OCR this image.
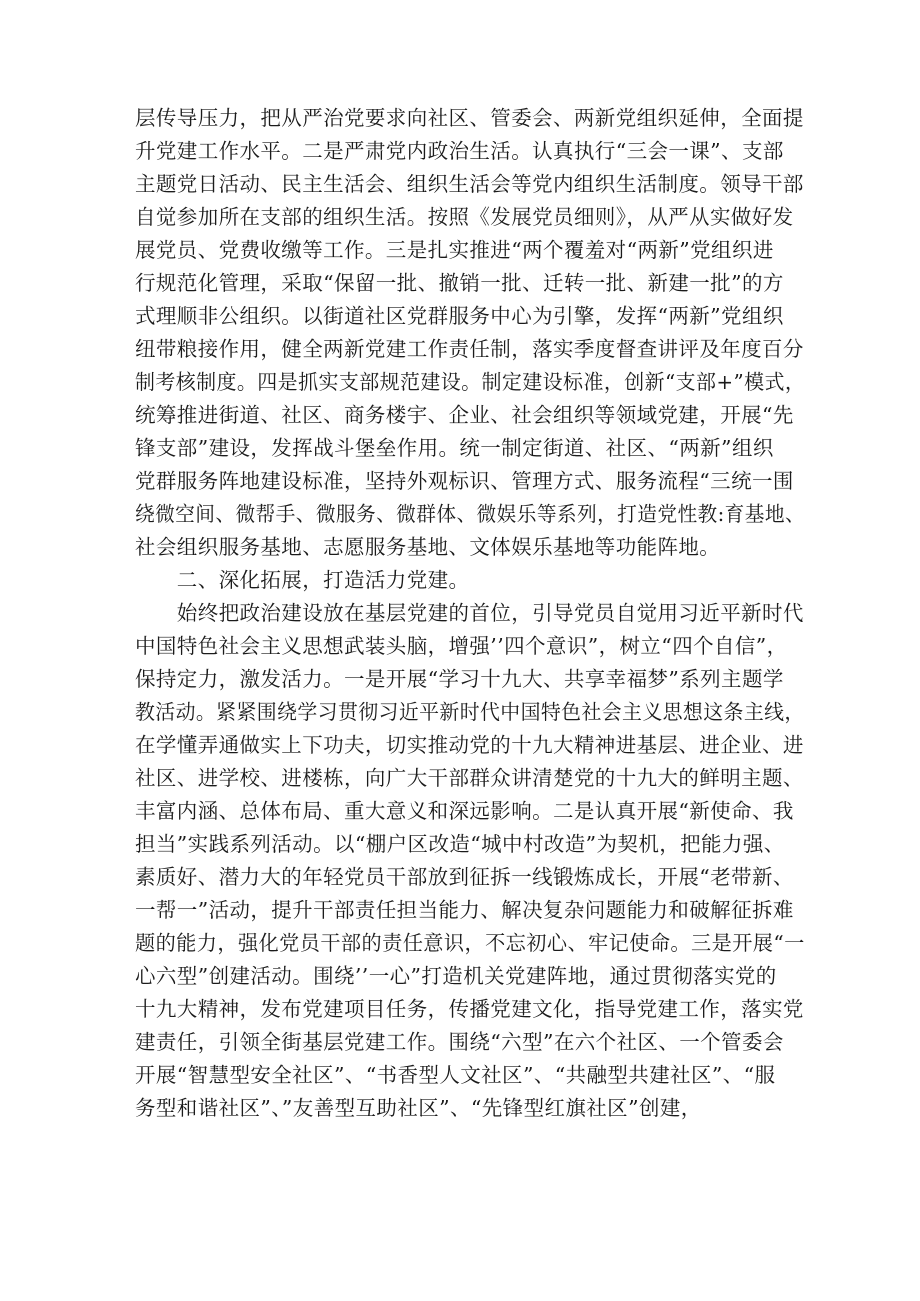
层传导压力，把从严治党要求向社区、管委会、两新党组织延伸，全面提
升党建工作水平。二是严肃党内政治生活。认真执行“三会一课”、支部
主题党日活动、民主生活会、组织生活会等党内组织生活制度。领导干部
自觉参加所在支部的组织生活。按照《发展党员细则》，从严从实做好发
展党员、党费收缴等工作。三是扎实推进“两个覆羞对“两新”党组织进
行规范化管理，采取“保留一批、撤销一批、迁转一批、新建一批”的方
式理顺非公组织。以街道社区党群服务中心为引擎，发挥“两新”党组织
纽带粮接作用，健全两新党建工作责任制，落实季度督查讲评及年度百分
制考核制度。四是抓实支部规范建设。制定建设标准，创新“支部+”模式，
统筹推进街道、社区、商务楼宇、企业、社会组织等领域党建，开展“先
锋支部”建设，发挥战斗堡垒作用。统一制定街道、社区、“两新”组织
党群服务阵地建设标准，坚持外观标识、管理方式、服务流程“三统一围
绕微空间、微帮手、微服务、微群体、微娱乐等系列，打造党性教:育基地、
社会组织服务基地、志愿服务基地、文体娱乐基地等功能阵地。
　　二、深化拓展，打造活力党建。
　　始终把政治建设放在基层党建的首位，引导党员自觉用习近平新时代
中国特色社会主义思想武装头脑，增强’’四个意识”，树立“四个自信”，
保持定力，激发活力。一是开展“学习十九大、共享幸福梦”系列主题学
教活动。紧紧围绕学习贯彻习近平新时代中国特色社会主义思想这条主线，
在学懂弄通做实上下功夫，切实推动党的十九大精神进基层、进企业、进
社区、进学校、进楼栋，向广大干部群众讲清楚党的十九大的鲜明主题、
丰富内涵、总体布局、重大意义和深远影响。二是认真开展“新使命、我
担当”实践系列活动。以“棚户区改造“城中村改造”为契机，把能力强、
素质好、潜力大的年轻党员干部放到征拆一线锻炼成长，开展“老带新、
一帮一”活动，提升干部责任担当能力、解决复杂问题能力和破解征拆难
题的能力，强化党员干部的责任意识，不忘初心、牢记使命。三是开展“一
心六型”创建活动。围绕’’一心”打造机关党建阵地，通过贯彻落实党的
十九大精神，发布党建项目任务，传播党建文化，指导党建工作，落实党
建责任，引领全街基层党建工作。围绕“六型”在六个社区、一个管委会
开展“智慧型安全社区”、“书香型人文社区”、“共融型共建社区”、“服
务型和谐社区”、”友善型互助社区”、“先锋型红旗社区”创建，
